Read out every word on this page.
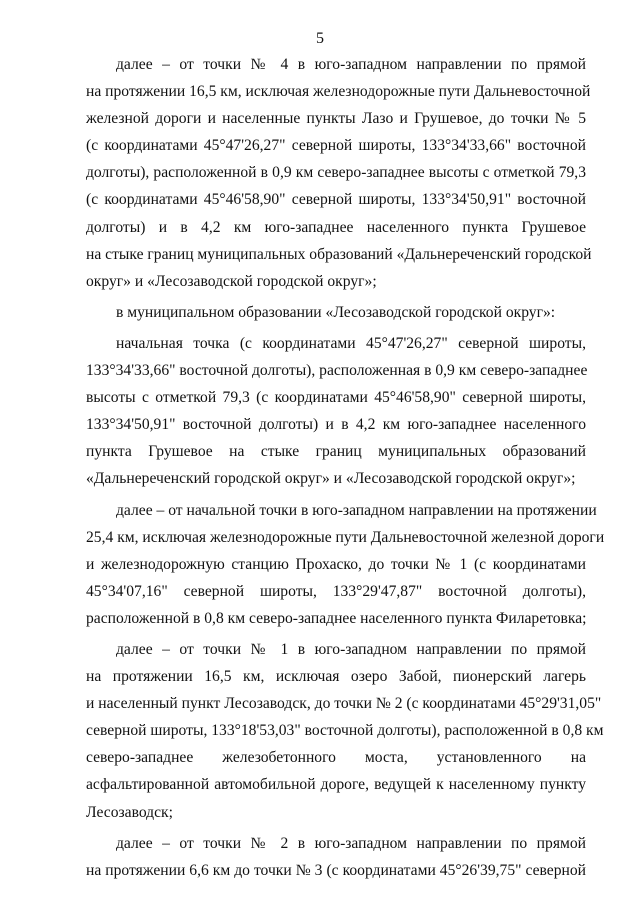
5

далее – от точки № 4 в юго-западном направлении по прямой
на протяжении 16,5 км, исключая железнодорожные пути Дальневосточной
железной дороги и населенные пункты Лазо и Грушевое, до точки № 5
(с координатами 45°47'26,27" северной широты, 133°34'33,66" восточной
долготы), расположенной в 0,9 км северо-западнее высоты с отметкой 79,3
(с координатами 45°46'58,90" северной широты, 133°34'50,91" восточной
долготы) и в 4,2 км юго-западнее населенного пункта Грушевое
на стыке границ муниципальных образований «Дальнереченский городской
округ» и «Лесозаводской городской округ»;

в муниципальном образовании «Лесозаводской городской округ»:

начальная точка (с координатами 45°47'26,27" северной широты,
133°34'33,66" восточной долготы), расположенная в 0,9 км северо-западнее
высоты с отметкой 79,3 (с координатами 45°46'58,90" северной широты,
133°34'50,91" восточной долготы) и в 4,2 км юго-западнее населенного
пункта Грушевое на стыке границ муниципальных образований
«Дальнереченский городской округ» и «Лесозаводской городской округ»;

далее – от начальной точки в юго-западном направлении на протяжении
25,4 км, исключая железнодорожные пути Дальневосточной железной дороги
и железнодорожную станцию Прохаско, до точки № 1 (с координатами
45°34'07,16" северной широты, 133°29'47,87" восточной долготы),
расположенной в 0,8 км северо-западнее населенного пункта Филаретовка;

далее – от точки № 1 в юго-западном направлении по прямой
на протяжении 16,5 км, исключая озеро Забой, пионерский лагерь
и населенный пункт Лесозаводск, до точки № 2 (с координатами 45°29'31,05"
северной широты, 133°18'53,03" восточной долготы), расположенной в 0,8 км
северо-западнее железобетонного моста, установленного на
асфальтированной автомобильной дороге, ведущей к населенному пункту
Лесозаводск;

далее – от точки № 2 в юго-западном направлении по прямой
на протяжении 6,6 км до точки № 3 (с координатами 45°26'39,75" северной
